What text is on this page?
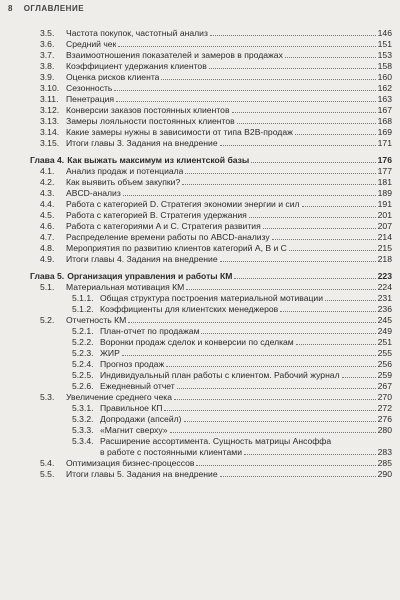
8 ОГЛАВЛЕНИЕ
3.5.	Частота покупок, частотный анализ	146
3.6.	Средний чек	151
3.7.	Взаимоотношения показателей и замеров в продажах	153
3.8.	Коэффициент удержания клиентов	158
3.9.	Оценка рисков клиента	160
3.10. Сезонность	162
3.11. Пенетрация	163
3.12. Конверсии заказов постоянных клиентов	167
3.13. Замеры лояльности постоянных клиентов	168
3.14. Какие замеры нужны в зависимости от типа B2B-продаж	169
3.15. Итоги главы 3. Задания на внедрение	171
Глава 4. Как выжать максимум из клиентской базы	176
4.1.	Анализ продаж и потенциала	177
4.2.	Как выявить объем закупки?	181
4.3.	ABCD-анализ	189
4.4.	Работа с категорией D. Стратегия экономии энергии и сил	191
4.5.	Работа с категорией B. Стратегия удержания	201
4.6.	Работа с категориями A и C. Стратегия развития	207
4.7.	Распределение времени работы по ABCD-анализу	214
4.8.	Мероприятия по развитию клиентов категорий A, B и C	215
4.9.	Итоги главы 4. Задания на внедрение	218
Глава 5. Организация управления и работы КМ	223
5.1.	Материальная мотивация КМ	224
5.1.1. Общая структура построения материальной мотивации	231
5.1.2. Коэффициенты для клиентских менеджеров	236
5.2.	Отчетность КМ	245
5.2.1. План-отчет по продажам	249
5.2.2. Воронки продаж сделок и конверсии по сделкам	251
5.2.3. ЖИР	255
5.2.4. Прогноз продаж	256
5.2.5. Индивидуальный план работы с клиентом. Рабочий журнал	259
5.2.6. Ежедневный отчет	267
5.3.	Увеличение среднего чека	270
5.3.1. Правильное КП	272
5.3.2. Допродажи (апсейл)	276
5.3.3. «Магнит сверху»	280
5.3.4. Расширение ассортимента. Сущность матрицы Ансоффа
в работе с постоянными клиентами	283
5.4.	Оптимизация бизнес-процессов	285
5.5.	Итоги главы 5. Задания на внедрение	290
